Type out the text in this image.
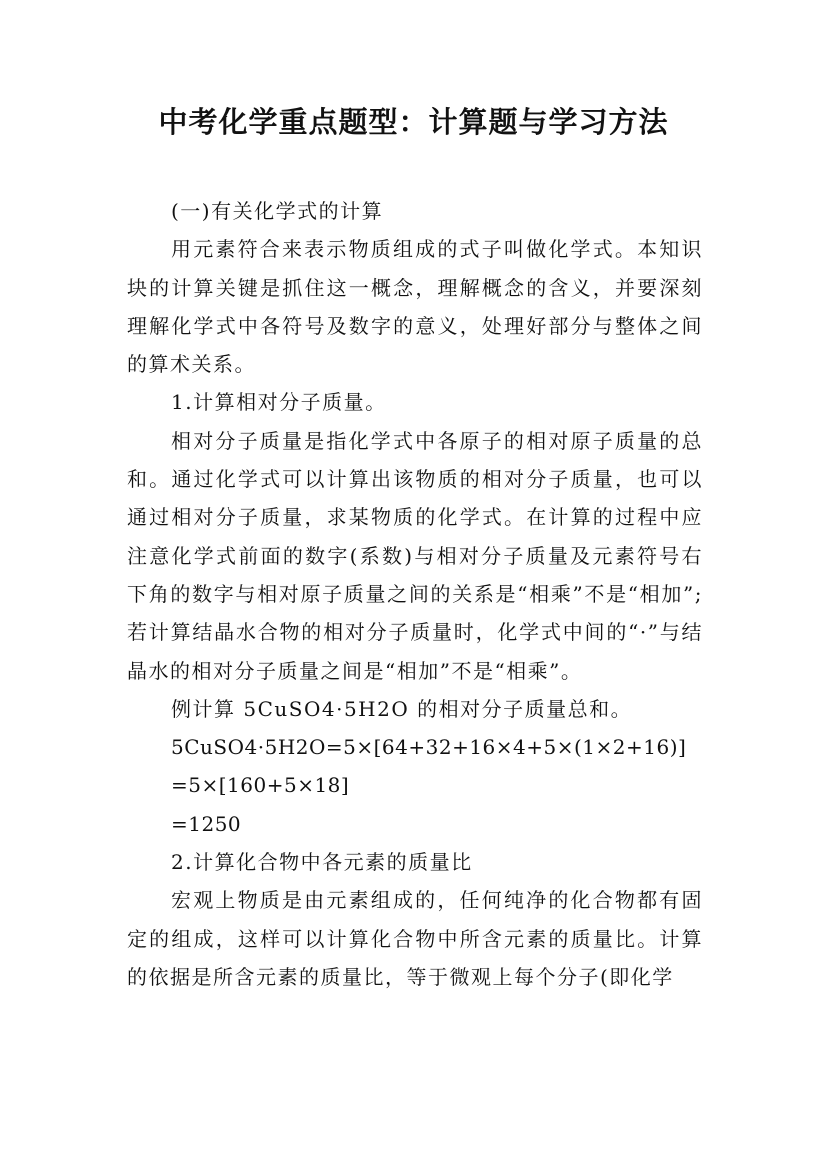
中考化学重点题型：计算题与学习方法

(一)有关化学式的计算

用元素符合来表示物质组成的式子叫做化学式。本知识块的计算关键是抓住这一概念，理解概念的含义，并要深刻理解化学式中各符号及数字的意义，处理好部分与整体之间的算术关系。

1.计算相对分子质量。

相对分子质量是指化学式中各原子的相对原子质量的总和。通过化学式可以计算出该物质的相对分子质量，也可以通过相对分子质量，求某物质的化学式。在计算的过程中应注意化学式前面的数字(系数)与相对分子质量及元素符号右下角的数字与相对原子质量之间的关系是“相乘”不是“相加”;若计算结晶水合物的相对分子质量时，化学式中间的“·”与结晶水的相对分子质量之间是“相加”不是“相乘”。

例计算 5CuSO4·5H2O 的相对分子质量总和。

5CuSO4·5H2O=5×[64+32+16×4+5×(1×2+16)]

=5×[160+5×18]

=1250

2.计算化合物中各元素的质量比

宏观上物质是由元素组成的，任何纯净的化合物都有固定的组成，这样可以计算化合物中所含元素的质量比。计算的依据是所含元素的质量比，等于微观上每个分子(即化学
